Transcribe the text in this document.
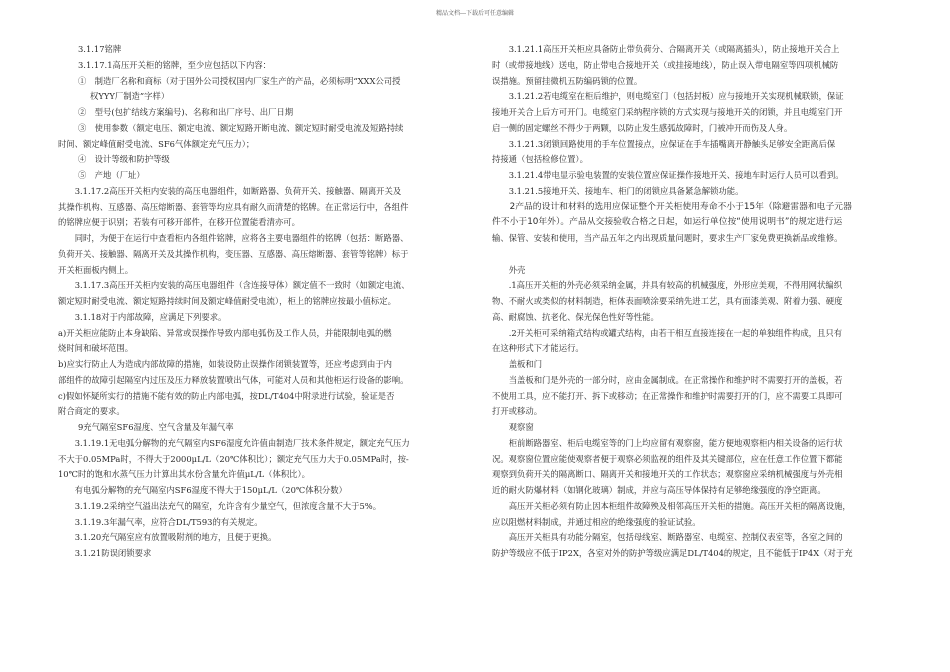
精品文档---下载后可任意编辑
3.1.17铭牌
3.1.17.1高压开关柜的铭牌，至少应包括以下内容：
①　制造厂名称和商标（对于国外公司授权国内厂家生产的产品，必须标明“XXX公司授
权YYY厂制造”字样）
②　型号(包扩结线方案编号)、名称和出厂序号、出厂日期
③　使用参数（额定电压、额定电流、额定短路开断电流、额定短时耐受电流及短路持续
时间、额定峰值耐受电流、SF6气体额定充气压力）；
④　设计等级和防护等级
⑤　产地（厂址）
3.1.17.2高压开关柜内安装的高压电器组件，如断路器、负荷开关、接触器、隔离开关及
其操作机构、互感器、高压熔断器、套管等均应具有耐久而清楚的铭牌。在正常运行中，各组件
的铭牌应便于识别；若装有可移开部件，在移开位置能看清亦可。
同时，为便于在运行中查看柜内各组件铭牌，应将各主要电器组件的铭牌（包括：断路器、
负荷开关、接触器、隔离开关及其操作机构，变压器、互感器、高压熔断器、套管等铭牌）标于
开关柜面板内侧上。
3.1.17.3高压开关柜内安装的高压电器组件（含连接导体）额定值不一致时（如额定电流、
额定短时耐受电流、额定短路持续时间及额定峰值耐受电流），柜上的铭牌应按最小值标定。
3.1.18对于内部故障，应满足下列要求。
a)开关柜应能防止本身缺陷、异常或误操作导致内部电弧伤及工作人员，并能限制电弧的燃
烧时间和破坏范围。
b)应实行防止人为造成内部故障的措施，如装设防止误操作闭锁装置等，还应考虑到由于内
部组件的故障引起隔室内过压及压力释放装置喷出气体，可能对人员和其他柜运行设备的影响。
c)假如怀疑所实行的措施不能有效的防止内部电弧，按DL/T404中附录进行试验，验证是否
附合商定的要求。
9充气隔室SF6湿度、空气含量及年漏气率
3.1.19.1无电弧分解物的充气隔室内SF6湿度允许值由制造厂技术条件规定，额定充气压力
不大于0.05MPa时，不得大于2000μL/L（20℃体积比）；额定充气压力大于0.05MPa时，按-
10℃时的饱和水蒸气压力计算出其水份含量允许值μL/L（体积比）。
有电弧分解物的充气隔室内SF6湿度不得大于150μL/L（20℃体积分数）
3.1.19.2采纳空气溢出法充气的隔室，允许含有少量空气，但浓度含量不大于5%。
3.1.19.3年漏气率，应符合DL/T593的有关规定。
3.1.20充气隔室应有放置吸附剂的地方，且便于更换。
3.1.21防误闭锁要求
3.1.21.1高压开关柜应具备防止带负荷分、合隔离开关（或隔离插头），防止接地开关合上
时（或带接地线）送电，防止带电合接地开关（或挂接地线），防止误入带电隔室等四项机械防
误措施。预留挂微机五防编码锁的位置。
3.1.21.2若电缆室在柜后维护，则电缆室门（包括封板）应与接地开关实现机械联锁，保证
接地开关合上后方可开门。电缆室门采纳程序锁的方式实现与接地开关的闭锁，并且电缆室门开
启一侧的固定螺丝不得少于两颗，以防止发生感弧故障时，门被冲开而伤及人身。
3.1.21.3闭锁回路使用的手车位置接点，应保证在手车插嘴离开静触头足够安全距离后保
持接通（包括检修位置）。
3.1.21.4带电显示验电装置的安装位置应保证操作接地开关、接地车时运行人员可以看到。
3.1.21.5接地开关、接地车、柜门的闭锁应具备紧急解锁功能。
2产品的设计和材料的选用应保证整个开关柜使用寿命不小于15年（除避雷器和电子元器
件不小于10年外）。产品从交接验收合格之日起，如运行单位按“使用说明书”的规定进行运
输、保管、安装和使用，当产品五年之内出现质量问题时，要求生产厂家免费更换新品或维修。
外壳
.1高压开关柜的外壳必须采纳金属，并具有较高的机械强度，外形应美观，不得用网状编织
物、不耐火或类似的材料制造，柜体表面喷涂要采纳先进工艺，具有面漆美观、附着力强、硬度
高、耐腐蚀、抗老化、保光保色性好等性能。
.2开关柜可采纳箱式结构或罐式结构，由若干相互直接连接在一起的单独组件构成，且只有
在这种形式下才能运行。
盖板和门
当盖板和门是外壳的一部分时，应由金属制成。在正常操作和维护时不需要打开的盖板，若
不使用工具，应不能打开、拆下或移动；在正常操作和维护时需要打开的门，应不需要工具即可
打开或移动。
观察窗
柜前断路器室、柜后电缆室等的门上均应留有观察窗，能方便地观察柜内相关设备的运行状
况。观察窗位置应能使观察者便于观察必须监视的组件及其关键部位，应在任意工作位置下都能
观察到负荷开关的隔离断口、隔离开关和接地开关的工作状态；观察窗应采纳机械强度与外壳相
近的耐火防爆材料（如钢化玻璃）制成，并应与高压导体保持有足够绝缘强度的净空距离。
高压开关柜必须有防止因本柜组件故障殃及相邻高压开关柜的措施。高压开关柜的隔离设施，
应以阻燃材料制成，并通过相应的绝缘强度的验证试验。
高压开关柜具有功能分隔室，包括母线室、断路器室、电缆室、控制仪表室等，各室之间的
防护等级应不低于IP2X，各室对外的防护等级应满足DL/T404的规定，且不能低于IP4X（对于充
